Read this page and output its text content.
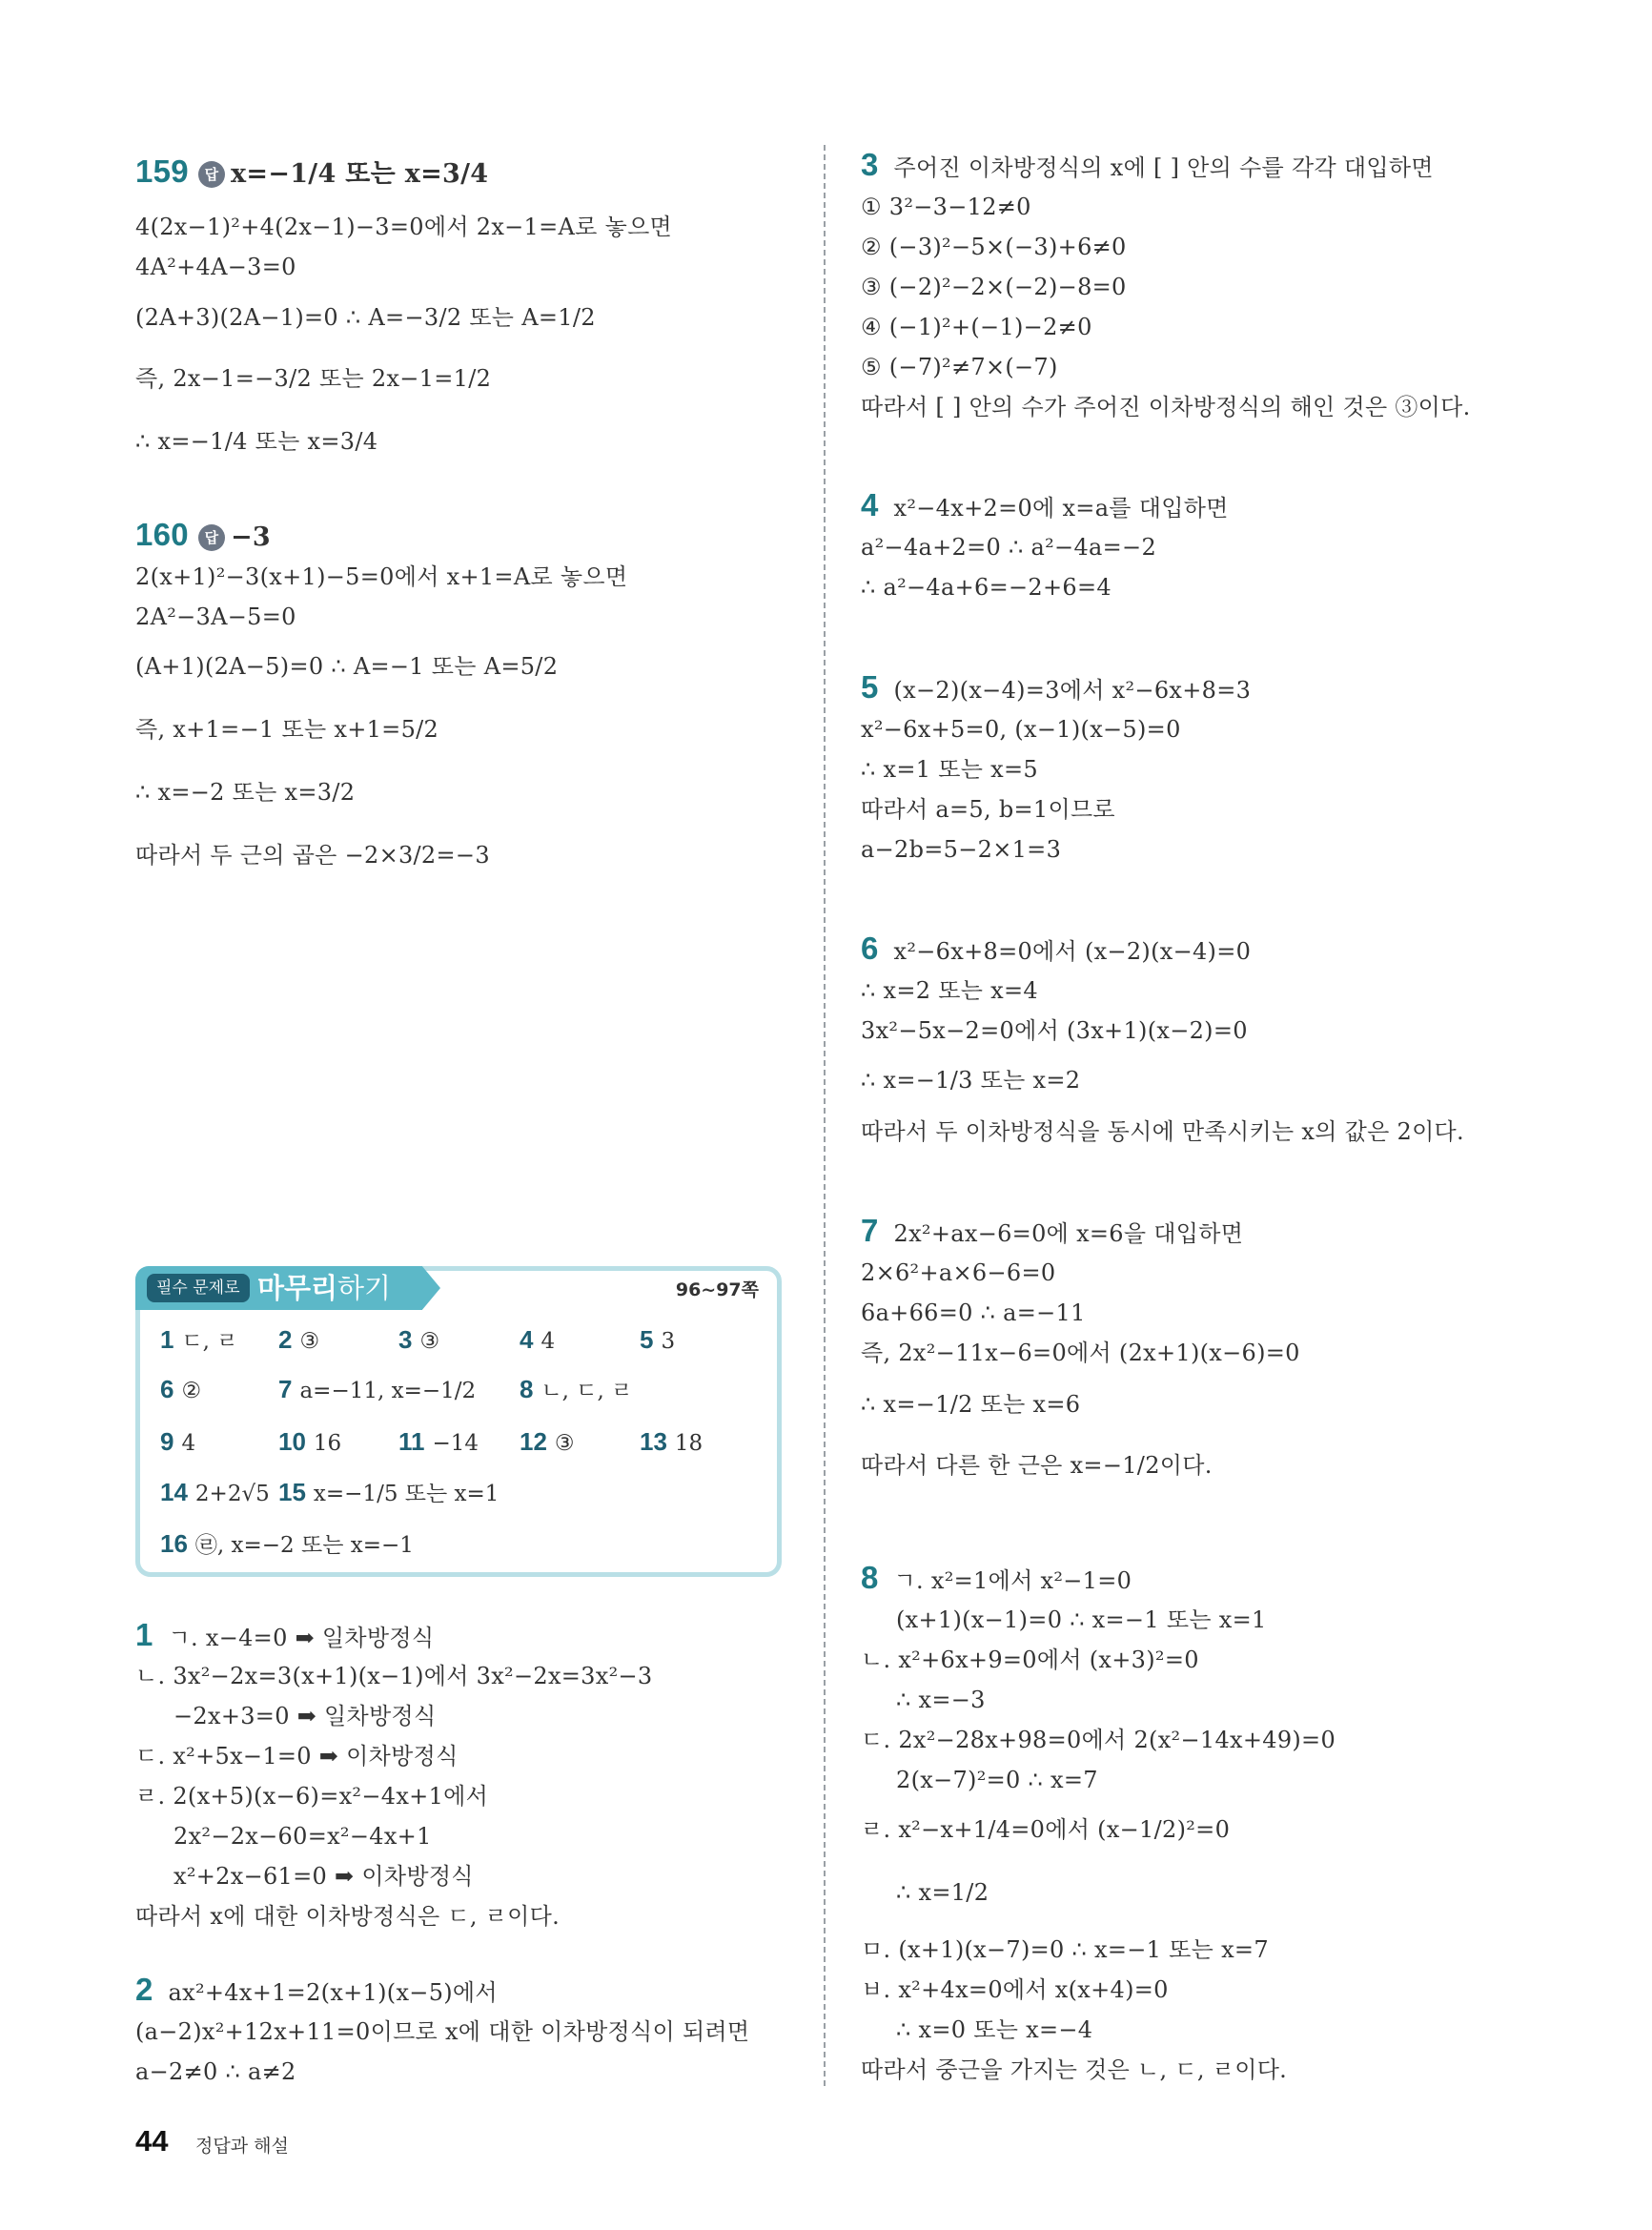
159 답 x=−1/4 또는 x=3/4
4(2x−1)²+4(2x−1)−3=0에서 2x−1=A로 놓으면
4A²+4A−3=0
(2A+3)(2A−1)=0 ∴ A=−3/2 또는 A=1/2
즉, 2x−1=−3/2 또는 2x−1=1/2
∴ x=−1/4 또는 x=3/4
160 답 −3
2(x+1)²−3(x+1)−5=0에서 x+1=A로 놓으면
2A²−3A−5=0
(A+1)(2A−5)=0 ∴ A=−1 또는 A=5/2
즉, x+1=−1 또는 x+1=5/2
∴ x=−2 또는 x=3/2
따라서 두 근의 곱은 −2×3/2=−3
필수 문제로 마무리하기	96~97쪽
1 ㄷ, ㄹ 2 ③	3 ③	4 4	5 3
6 ②	7 a=−11, x=−1/2 8 ㄴ, ㄷ, ㄹ
9 4	10 16 11 −14 12 ③	13 18
14 2+2√5 15 x=−1/5 또는 x=1
16 ㉣, x=−2 또는 x=−1
1 ㄱ. x−4=0 ➡ 일차방정식
ㄴ. 3x²−2x=3(x+1)(x−1)에서 3x²−2x=3x²−3
−2x+3=0 ➡ 일차방정식
ㄷ. x²+5x−1=0 ➡ 이차방정식
ㄹ. 2(x+5)(x−6)=x²−4x+1에서
2x²−2x−60=x²−4x+1
x²+2x−61=0 ➡ 이차방정식
따라서 x에 대한 이차방정식은 ㄷ, ㄹ이다.
2 ax²+4x+1=2(x+1)(x−5)에서
(a−2)x²+12x+11=0이므로 x에 대한 이차방정식이 되려면
a−2≠0 ∴ a≠2
3 주어진 이차방정식의 x에 [ ] 안의 수를 각각 대입하면
① 3²−3−12≠0
② (−3)²−5×(−3)+6≠0
③ (−2)²−2×(−2)−8=0
④ (−1)²+(−1)−2≠0
⑤ (−7)²≠7×(−7)
따라서 [ ] 안의 수가 주어진 이차방정식의 해인 것은 ③이다.
4 x²−4x+2=0에 x=a를 대입하면
a²−4a+2=0 ∴ a²−4a=−2
∴ a²−4a+6=−2+6=4
5 (x−2)(x−4)=3에서 x²−6x+8=3
x²−6x+5=0, (x−1)(x−5)=0
∴ x=1 또는 x=5
따라서 a=5, b=1이므로
a−2b=5−2×1=3
6 x²−6x+8=0에서 (x−2)(x−4)=0
∴ x=2 또는 x=4
3x²−5x−2=0에서 (3x+1)(x−2)=0
∴ x=−1/3 또는 x=2
따라서 두 이차방정식을 동시에 만족시키는 x의 값은 2이다.
7 2x²+ax−6=0에 x=6을 대입하면
2×6²+a×6−6=0
6a+66=0 ∴ a=−11
즉, 2x²−11x−6=0에서 (2x+1)(x−6)=0
∴ x=−1/2 또는 x=6
따라서 다른 한 근은 x=−1/2이다.
8 ㄱ. x²=1에서 x²−1=0
(x+1)(x−1)=0 ∴ x=−1 또는 x=1
ㄴ. x²+6x+9=0에서 (x+3)²=0
∴ x=−3
ㄷ. 2x²−28x+98=0에서 2(x²−14x+49)=0
2(x−7)²=0 ∴ x=7
ㄹ. x²−x+1/4=0에서 (x−1/2)²=0
∴ x=1/2
ㅁ. (x+1)(x−7)=0 ∴ x=−1 또는 x=7
ㅂ. x²+4x=0에서 x(x+4)=0
∴ x=0 또는 x=−4
따라서 중근을 가지는 것은 ㄴ, ㄷ, ㄹ이다.
44 정답과 해설
